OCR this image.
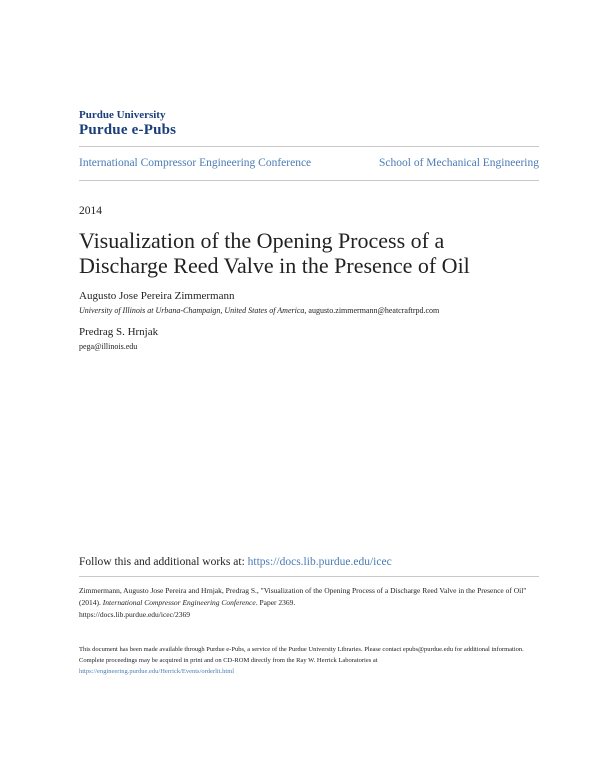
Purdue University
Purdue e-Pubs
International Compressor Engineering Conference	School of Mechanical Engineering
2014
Visualization of the Opening Process of a
Discharge Reed Valve in the Presence of Oil
Augusto Jose Pereira Zimmermann
University of Illinois at Urbana-Champaign, United States of America, augusto.zimmermann@heatcraftrpd.com
Predrag S. Hrnjak
pega@illinois.edu
Follow this and additional works at: https://docs.lib.purdue.edu/icec
Zimmermann, Augusto Jose Pereira and Hrnjak, Predrag S., "Visualization of the Opening Process of a Discharge Reed Valve in the Presence of Oil" (2014). International Compressor Engineering Conference. Paper 2369.
https://docs.lib.purdue.edu/icec/2369
This document has been made available through Purdue e-Pubs, a service of the Purdue University Libraries. Please contact epubs@purdue.edu for additional information.
Complete proceedings may be acquired in print and on CD-ROM directly from the Ray W. Herrick Laboratories at https://engineering.purdue.edu/Herrick/Events/orderlit.html
